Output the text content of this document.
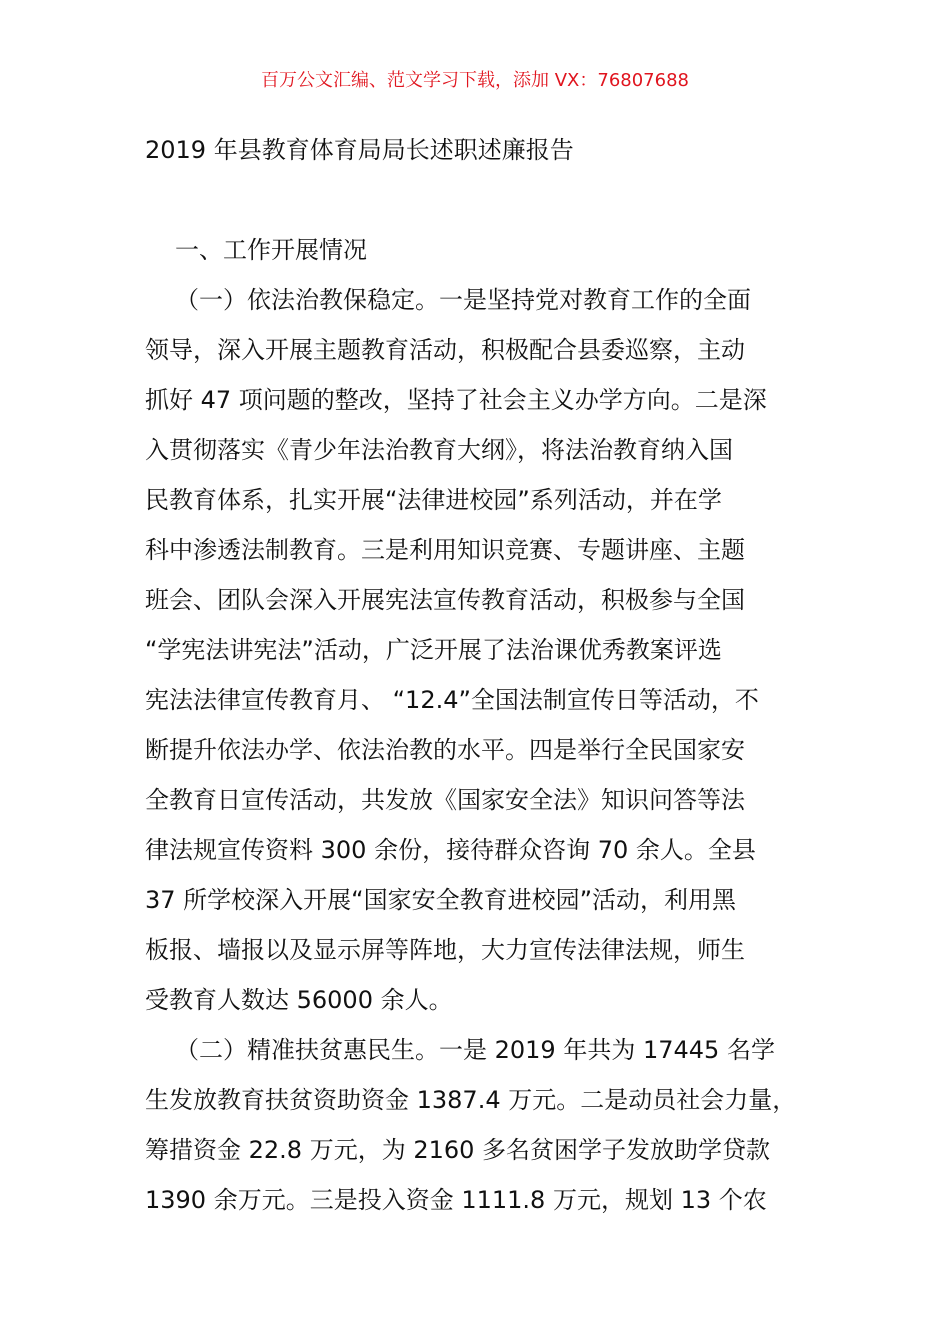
百万公文汇编、范文学习下载，添加 VX：76807688
2019 年县教育体育局局长述职述廉报告
一、工作开展情况
（一）依法治教保稳定。一是坚持党对教育工作的全面
领导，深入开展主题教育活动，积极配合县委巡察，主动
抓好 47 项问题的整改，坚持了社会主义办学方向。二是深
入贯彻落实《青少年法治教育大纲》，将法治教育纳入国
民教育体系，扎实开展“法律进校园”系列活动，并在学
科中渗透法制教育。三是利用知识竞赛、专题讲座、主题
班会、团队会深入开展宪法宣传教育活动，积极参与全国
“学宪法讲宪法”活动，广泛开展了法治课优秀教案评选
宪法法律宣传教育月、 “12.4”全国法制宣传日等活动，不
断提升依法办学、依法治教的水平。四是举行全民国家安
全教育日宣传活动，共发放《国家安全法》知识问答等法
律法规宣传资料 300 余份，接待群众咨询 70 余人。全县
37 所学校深入开展“国家安全教育进校园”活动，利用黑
板报、墙报以及显示屏等阵地，大力宣传法律法规，师生
受教育人数达 56000 余人。
（二）精准扶贫惠民生。一是 2019 年共为 17445 名学
生发放教育扶贫资助资金 1387.4 万元。二是动员社会力量，
筹措资金 22.8 万元，为 2160 多名贫困学子发放助学贷款
1390 余万元。三是投入资金 1111.8 万元，规划 13 个农
